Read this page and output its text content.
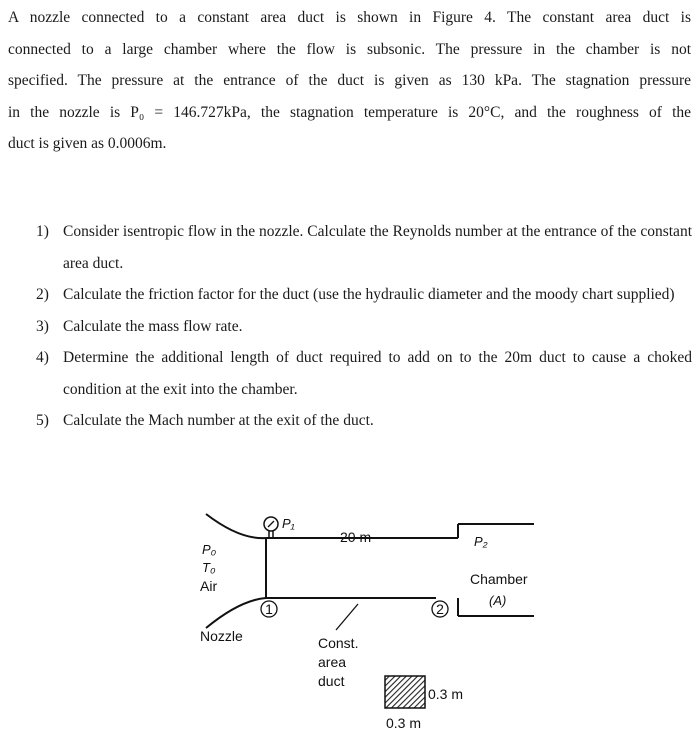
A nozzle connected to a constant area duct is shown in Figure 4. The constant area duct is
connected to a large chamber where the flow is subsonic. The pressure in the chamber is not
specified. The pressure at the entrance of the duct is given as 130 kPa. The stagnation pressure
in the nozzle is P₀ = 146.727kPa, the stagnation temperature is 20°C, and the roughness of the
duct is given as 0.0006m.
1) Consider isentropic flow in the nozzle. Calculate the Reynolds number at the entrance of the constant area duct.
2) Calculate the friction factor for the duct (use the hydraulic diameter and the moody chart supplied)
3) Calculate the mass flow rate.
4) Determine the additional length of duct required to add on to the 20m duct to cause a choked condition at the exit into the chamber.
5) Calculate the Mach number at the exit of the duct.
1	2
P₀
T₀
Air
Nozzle
P₁
20 m	P₂
Chamber
(A)
Const.
area
duct
0.3 m
0.3 m
